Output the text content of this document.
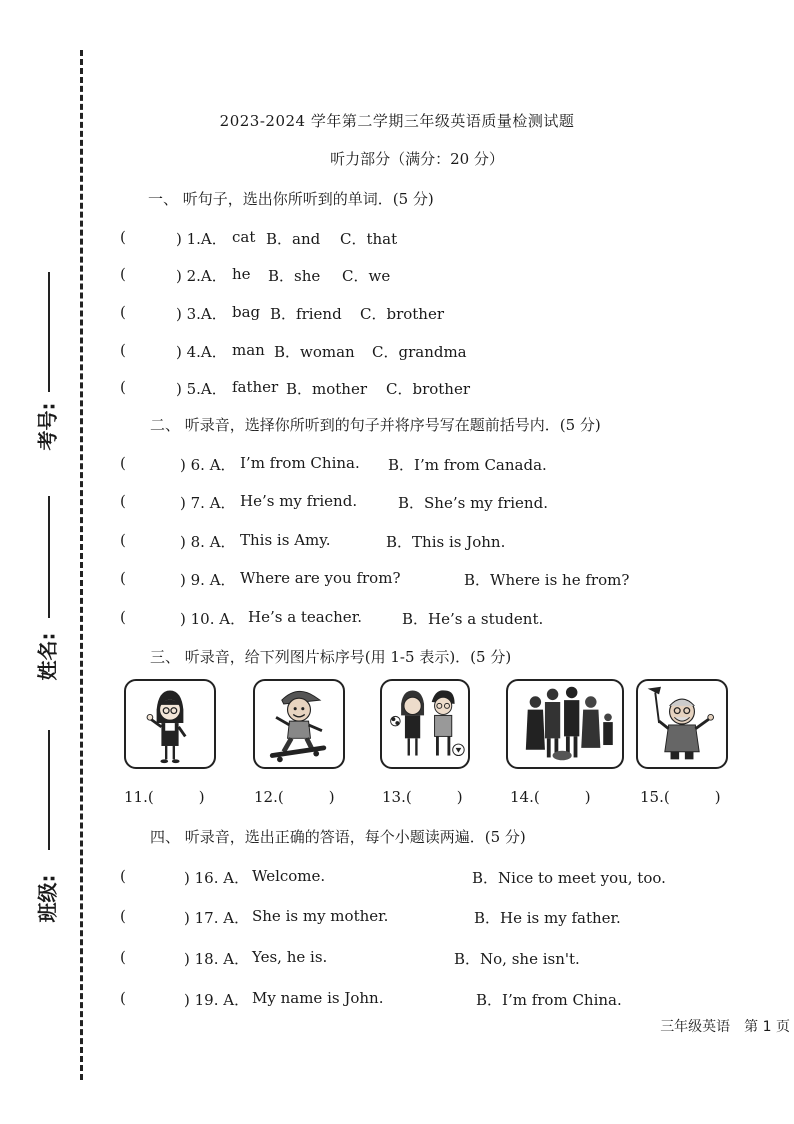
考号:
姓名:
班级:
2023-2024 学年第二学期三年级英语质量检测试题
听力部分（满分：20 分）
一、 听句子，选出你所听到的单词．(5 分)
(	) 1.A． cat B．and C．that
(	) 2.A． he B．she C．we
(	) 3.A． bag B．friend C．brother
(	) 4.A． man B．woman C．grandma
(	) 5.A． father B．mother C．brother
二、 听录音，选择你所听到的句子并将序号写在题前括号内．(5 分)
(	) 6. A． I’m from China. B．I’m from Canada.
(	) 7. A． He’s my friend.	B．She’s my friend.
(	) 8. A． This is Amy.	B．This is John.
(	) 9. A． Where are you from?	B．Where is he from?
(	) 10. A． He’s a teacher.	B．He’s a student.
三、 听录音，给下列图片标序号(用 1-5 表示)．(5 分)
11.(　　　)	12.(　　　)	13.(　　　)	14.(　　　)	15.(　　　)
四、 听录音，选出正确的答语，每个小题读两遍．(5 分)
(	) 16. A． Welcome.	B．Nice to meet you, too.
(	) 17. A． She is my mother.	B．He is my father.
(	) 18. A． Yes, he is.	B．No, she isn't.
(	) 19. A． My name is John.	B．I’m from China.
三年级英语　第 1 页
